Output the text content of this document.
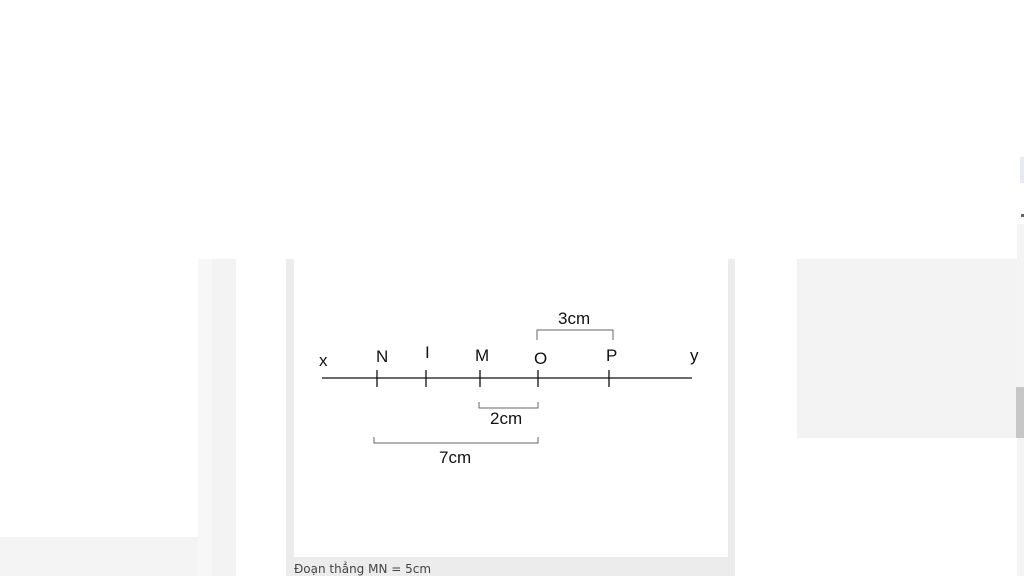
x	y
N I	M	O	P
3cm
2cm
7cm
Đoạn thẳng MN = 5cm
